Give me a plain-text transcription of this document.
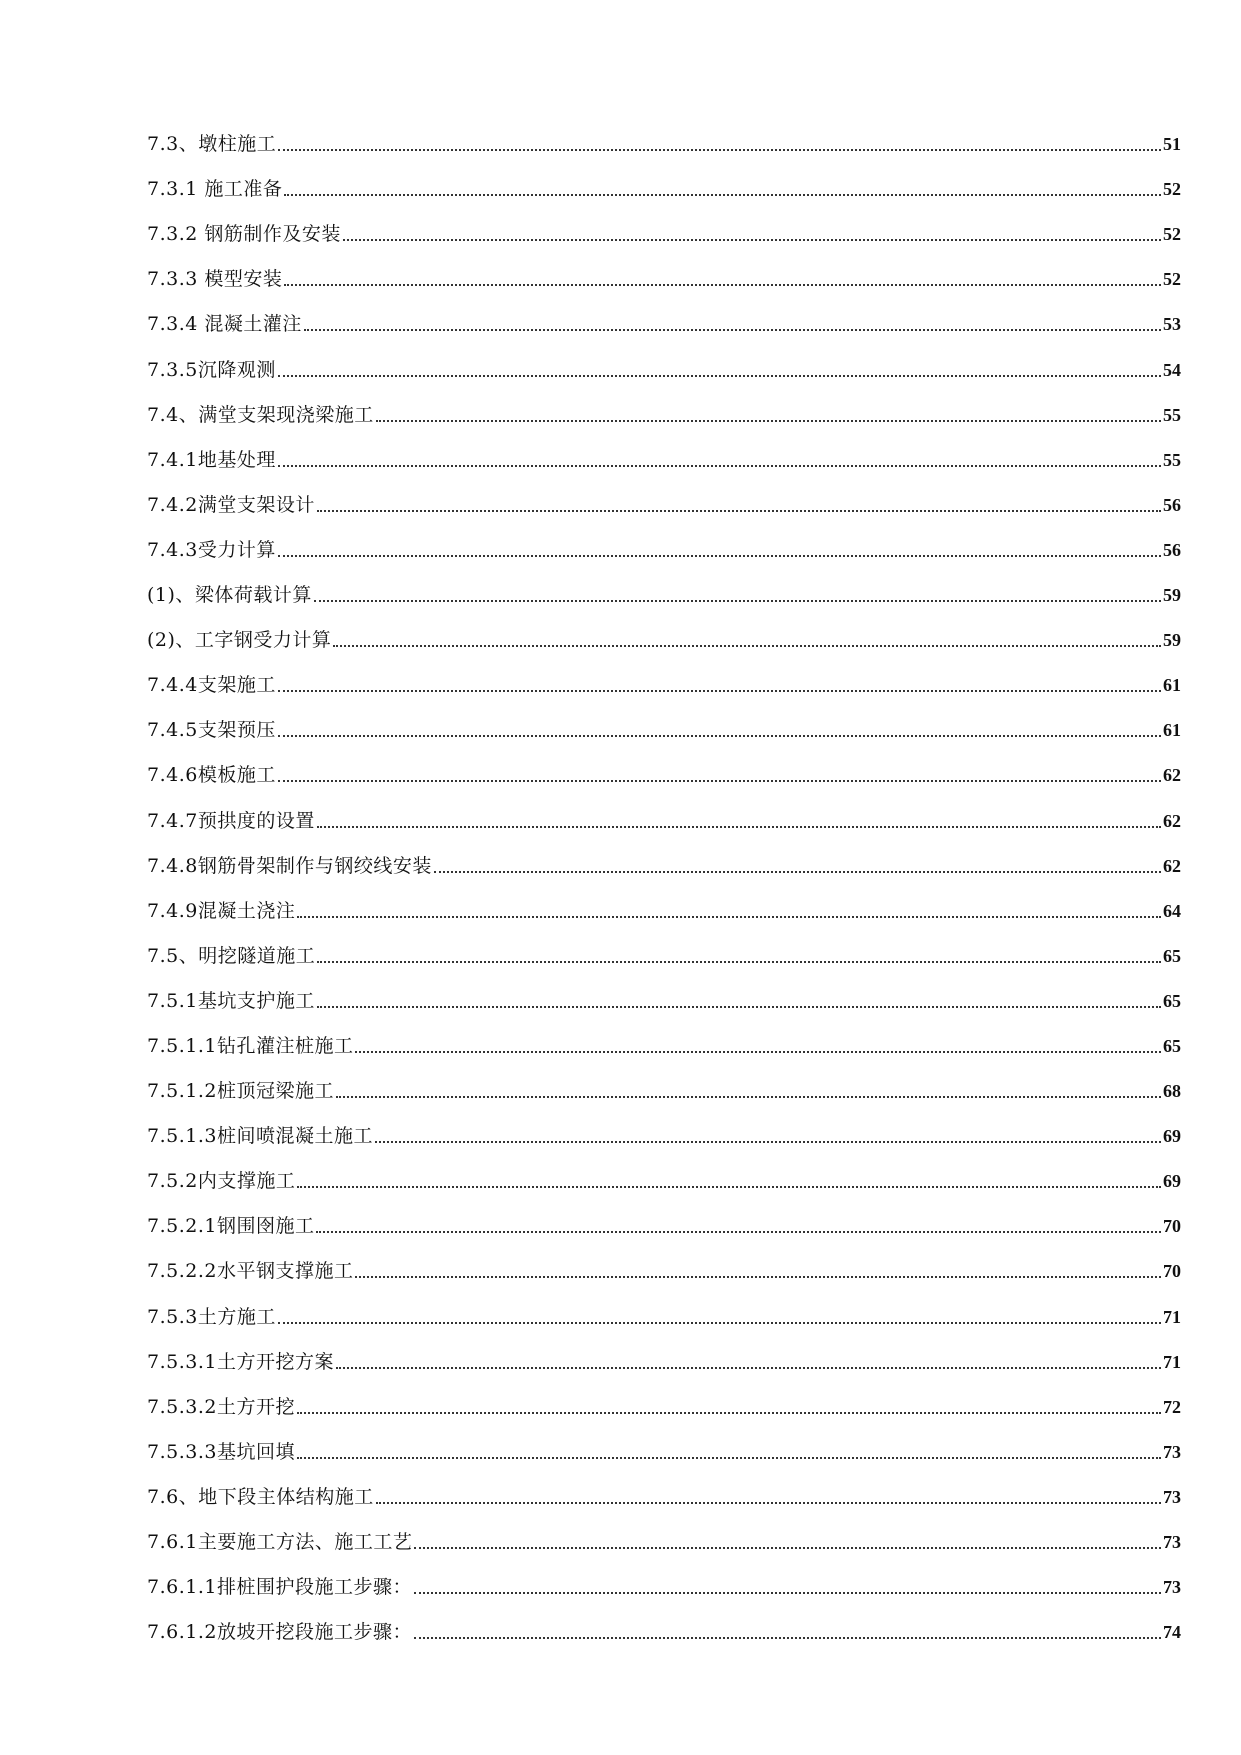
7.3、墩柱施工	51
7.3.1 施工准备	52
7.3.2 钢筋制作及安装	52
7.3.3 模型安装	52
7.3.4 混凝土灌注	53
7.3.5沉降观测	54
7.4、满堂支架现浇梁施工	55
7.4.1地基处理	55
7.4.2满堂支架设计	56
7.4.3受力计算	56
(1)、梁体荷载计算	59
(2)、工字钢受力计算	59
7.4.4支架施工	61
7.4.5支架预压	61
7.4.6模板施工	62
7.4.7预拱度的设置	62
7.4.8钢筋骨架制作与钢绞线安装	62
7.4.9混凝土浇注	64
7.5、明挖隧道施工	65
7.5.1基坑支护施工	65
7.5.1.1钻孔灌注桩施工	65
7.5.1.2桩顶冠梁施工	68
7.5.1.3桩间喷混凝土施工	69
7.5.2内支撑施工	69
7.5.2.1钢围囹施工	70
7.5.2.2水平钢支撑施工	70
7.5.3土方施工	71
7.5.3.1土方开挖方案	71
7.5.3.2土方开挖	72
7.5.3.3基坑回填	73
7.6、地下段主体结构施工	73
7.6.1主要施工方法、施工工艺	73
7.6.1.1排桩围护段施工步骤：	73
7.6.1.2放坡开挖段施工步骤：	74
